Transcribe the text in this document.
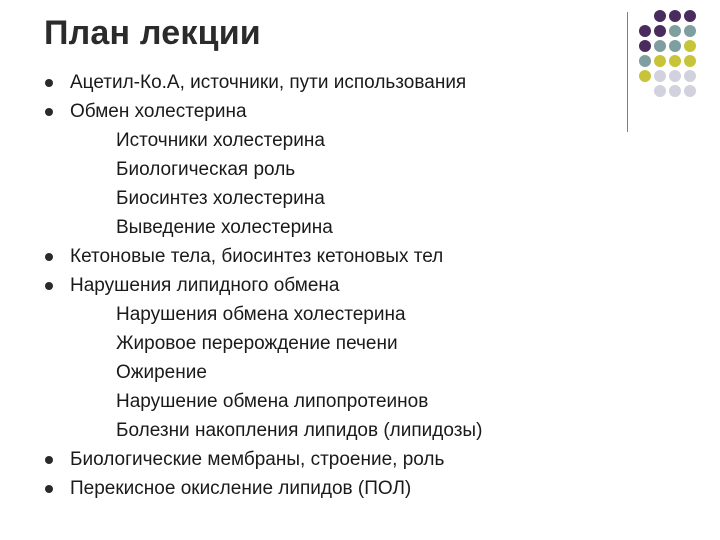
План лекции
Ацетил-Ко.А, источники, пути использования
Обмен холестерина
Источники холестерина
Биологическая роль
Биосинтез холестерина
Выведение холестерина
Кетоновые тела, биосинтез кетоновых тел
Нарушения липидного обмена
Нарушения обмена холестерина
Жировое перерождение печени
Ожирение
Нарушение обмена липопротеинов
Болезни накопления липидов (липидозы)
Биологические мембраны, строение, роль
Перекисное окисление липидов (ПОЛ)
